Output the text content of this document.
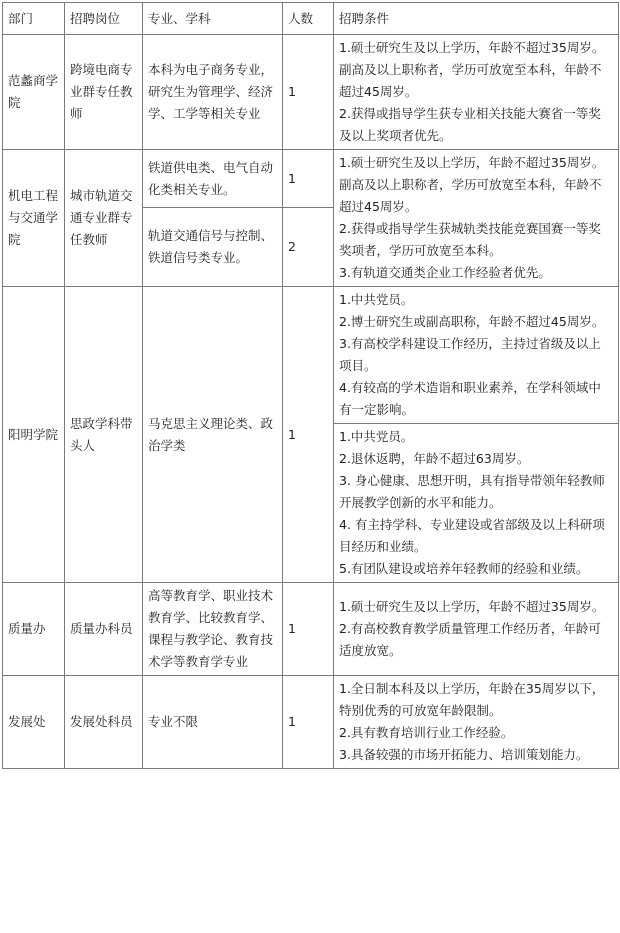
部门	招聘岗位	专业、学科	人数	招聘条件
范蠡商学院	跨境电商专业群专任教师	本科为电子商务专业，研究生为管理学、经济学、工学等相关专业	1	1.硕士研究生及以上学历，年龄不超过35周岁。副高及以上职称者，学历可放宽至本科，年龄不超过45周岁。
2.获得或指导学生获专业相关技能大赛省一等奖及以上奖项者优先。

机电工程与交通学院	城市轨道交通专业群专任教师	铁道供电类、电气自动化类相关专业。	1	1.硕士研究生及以上学历，年龄不超过35周岁。副高及以上职称者，学历可放宽至本科，年龄不超过45周岁。
2.获得或指导学生获城轨类技能竞赛国赛一等奖奖项者，学历可放宽至本科。
3.有轨道交通类企业工作经验者优先。

		轨道交通信号与控制、铁道信号类专业。	2	
阳明学院	思政学科带头人	马克思主义理论类、政治学类	1	1.中共党员。
2.博士研究生或副高职称，年龄不超过45周岁。
3.有高校学科建设工作经历，主持过省级及以上项目。
4.有较高的学术造诣和职业素养，在学科领域中有一定影响。

				1.中共党员。
2.退休返聘，年龄不超过63周岁。
3. 身心健康、思想开明，具有指导带领年轻教师开展教学创新的水平和能力。
4. 有主持学科、专业建设或省部级及以上科研项目经历和业绩。
5.有团队建设或培养年轻教师的经验和业绩。

质量办	质量办科员	高等教育学、职业技术教育学、比较教育学、课程与教学论、教育技术学等教育学专业	1	1.硕士研究生及以上学历，年龄不超过35周岁。
2.有高校教育教学质量管理工作经历者，年龄可适度放宽。

发展处	发展处科员	专业不限	1	1.全日制本科及以上学历，年龄在35周岁以下，特别优秀的可放宽年龄限制。
2.具有教育培训行业工作经验。
3.具备较强的市场开拓能力、培训策划能力。
